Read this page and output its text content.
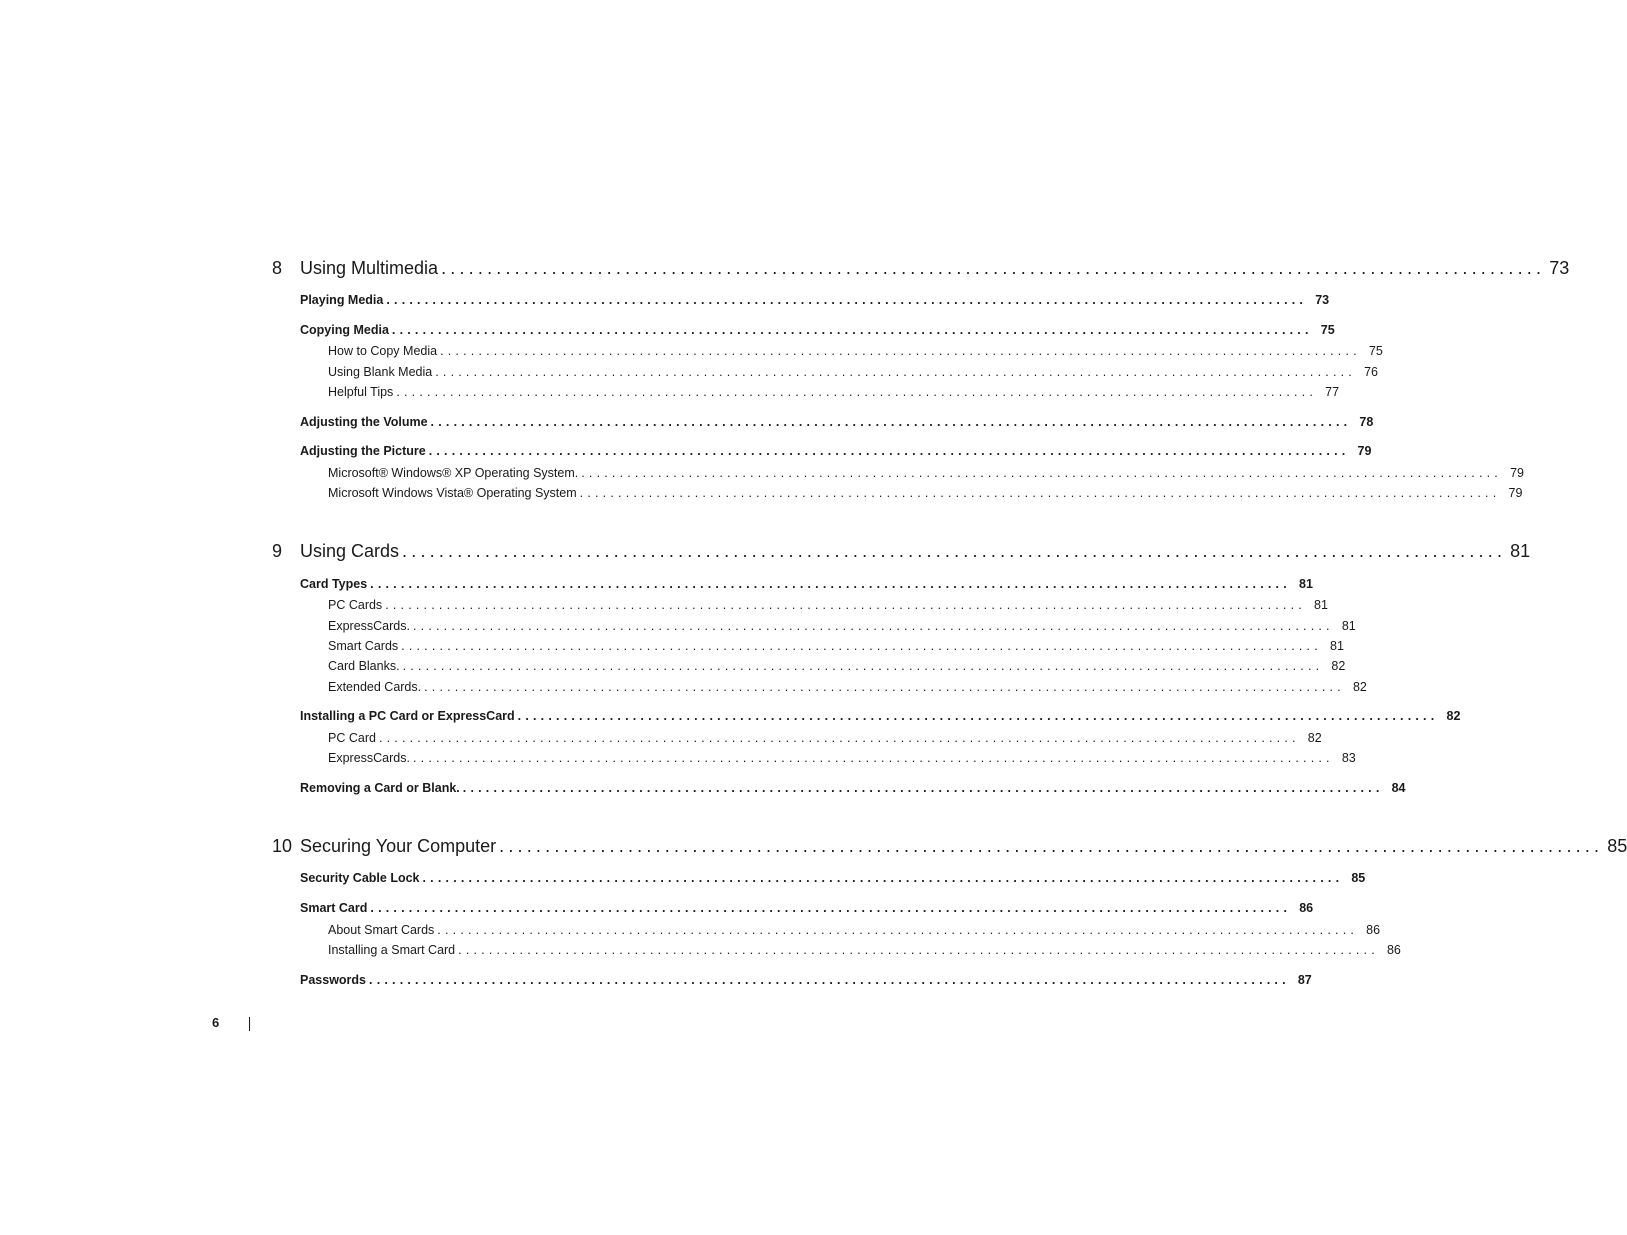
8 Using Multimedia ........................................................................................................................ 73
Playing Media ........................................................................................................................ 73
Copying Media ........................................................................................................................ 75
How to Copy Media ........................................................................................................................ 75
Using Blank Media ........................................................................................................................ 76
Helpful Tips ........................................................................................................................ 77
Adjusting the Volume ........................................................................................................................ 78
Adjusting the Picture ........................................................................................................................ 79
Microsoft® Windows® XP Operating System. ........................................................................................................................ 79
Microsoft Windows Vista® Operating System ........................................................................................................................ 79
9 Using Cards ........................................................................................................................ 81
Card Types ........................................................................................................................ 81
PC Cards ........................................................................................................................ 81
ExpressCards. ........................................................................................................................ 81
Smart Cards ........................................................................................................................ 81
Card Blanks. ........................................................................................................................ 82
Extended Cards. ........................................................................................................................ 82
Installing a PC Card or ExpressCard ........................................................................................................................ 82
PC Card ........................................................................................................................ 82
ExpressCards. ........................................................................................................................ 83
Removing a Card or Blank. ........................................................................................................................ 84
10 Securing Your Computer ........................................................................................................................ 85
Security Cable Lock ........................................................................................................................ 85
Smart Card ........................................................................................................................ 86
About Smart Cards ........................................................................................................................ 86
Installing a Smart Card ........................................................................................................................ 86
Passwords ........................................................................................................................ 87
6
